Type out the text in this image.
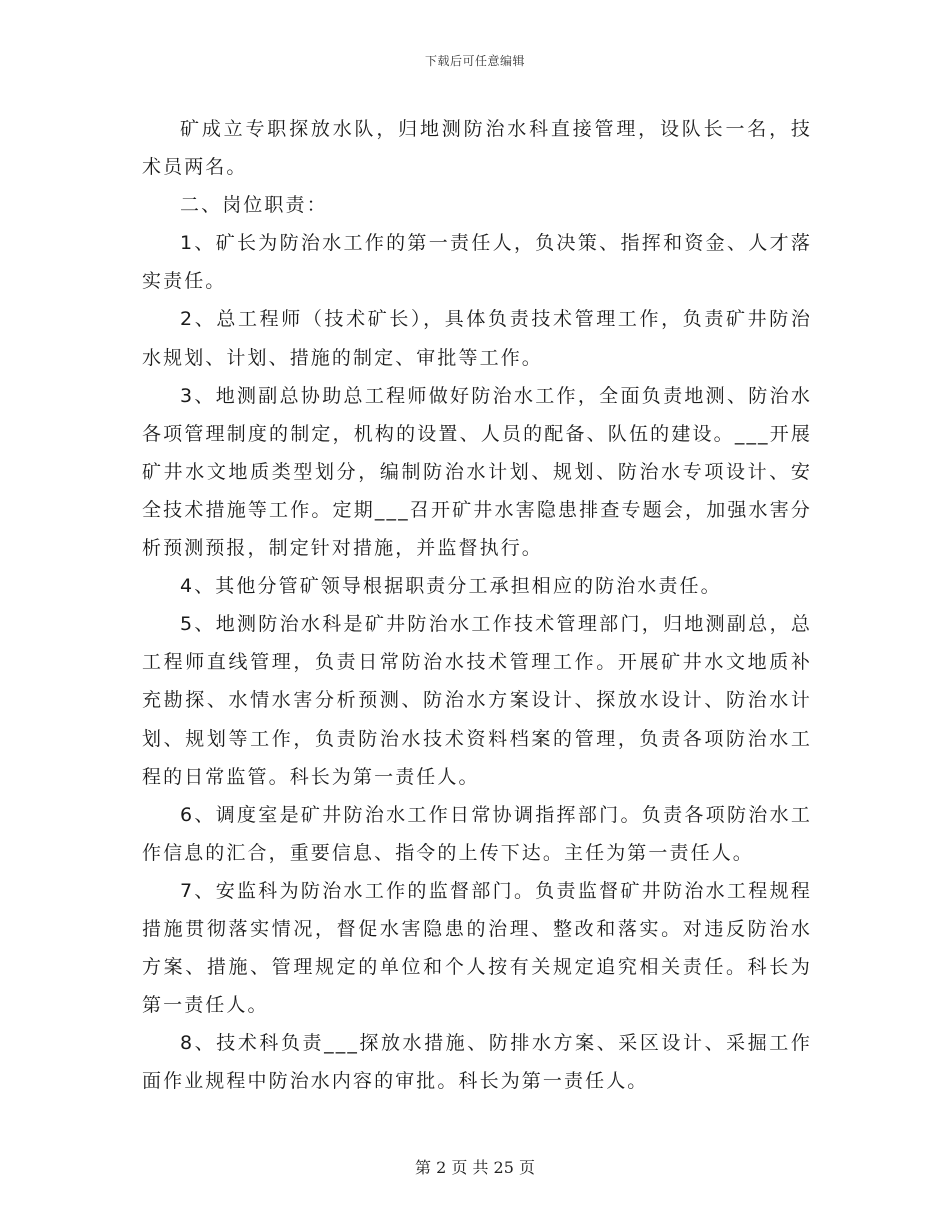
下载后可任意编辑

矿成立专职探放水队，归地测防治水科直接管理，设队长一名，技术员两名。

二、岗位职责：

1、矿长为防治水工作的第一责任人，负决策、指挥和资金、人才落实责任。

2、总工程师（技术矿长），具体负责技术管理工作，负责矿井防治水规划、计划、措施的制定、审批等工作。

3、地测副总协助总工程师做好防治水工作，全面负责地测、防治水各项管理制度的制定，机构的设置、人员的配备、队伍的建设。___开展矿井水文地质类型划分，编制防治水计划、规划、防治水专项设计、安全技术措施等工作。定期___召开矿井水害隐患排查专题会，加强水害分析预测预报，制定针对措施，并监督执行。

4、其他分管矿领导根据职责分工承担相应的防治水责任。

5、地测防治水科是矿井防治水工作技术管理部门，归地测副总，总工程师直线管理，负责日常防治水技术管理工作。开展矿井水文地质补充勘探、水情水害分析预测、防治水方案设计、探放水设计、防治水计划、规划等工作，负责防治水技术资料档案的管理，负责各项防治水工程的日常监管。科长为第一责任人。

6、调度室是矿井防治水工作日常协调指挥部门。负责各项防治水工作信息的汇合，重要信息、指令的上传下达。主任为第一责任人。

7、安监科为防治水工作的监督部门。负责监督矿井防治水工程规程措施贯彻落实情况，督促水害隐患的治理、整改和落实。对违反防治水方案、措施、管理规定的单位和个人按有关规定追究相关责任。科长为第一责任人。

8、技术科负责___探放水措施、防排水方案、采区设计、采掘工作面作业规程中防治水内容的审批。科长为第一责任人。

第 2 页 共 25 页
